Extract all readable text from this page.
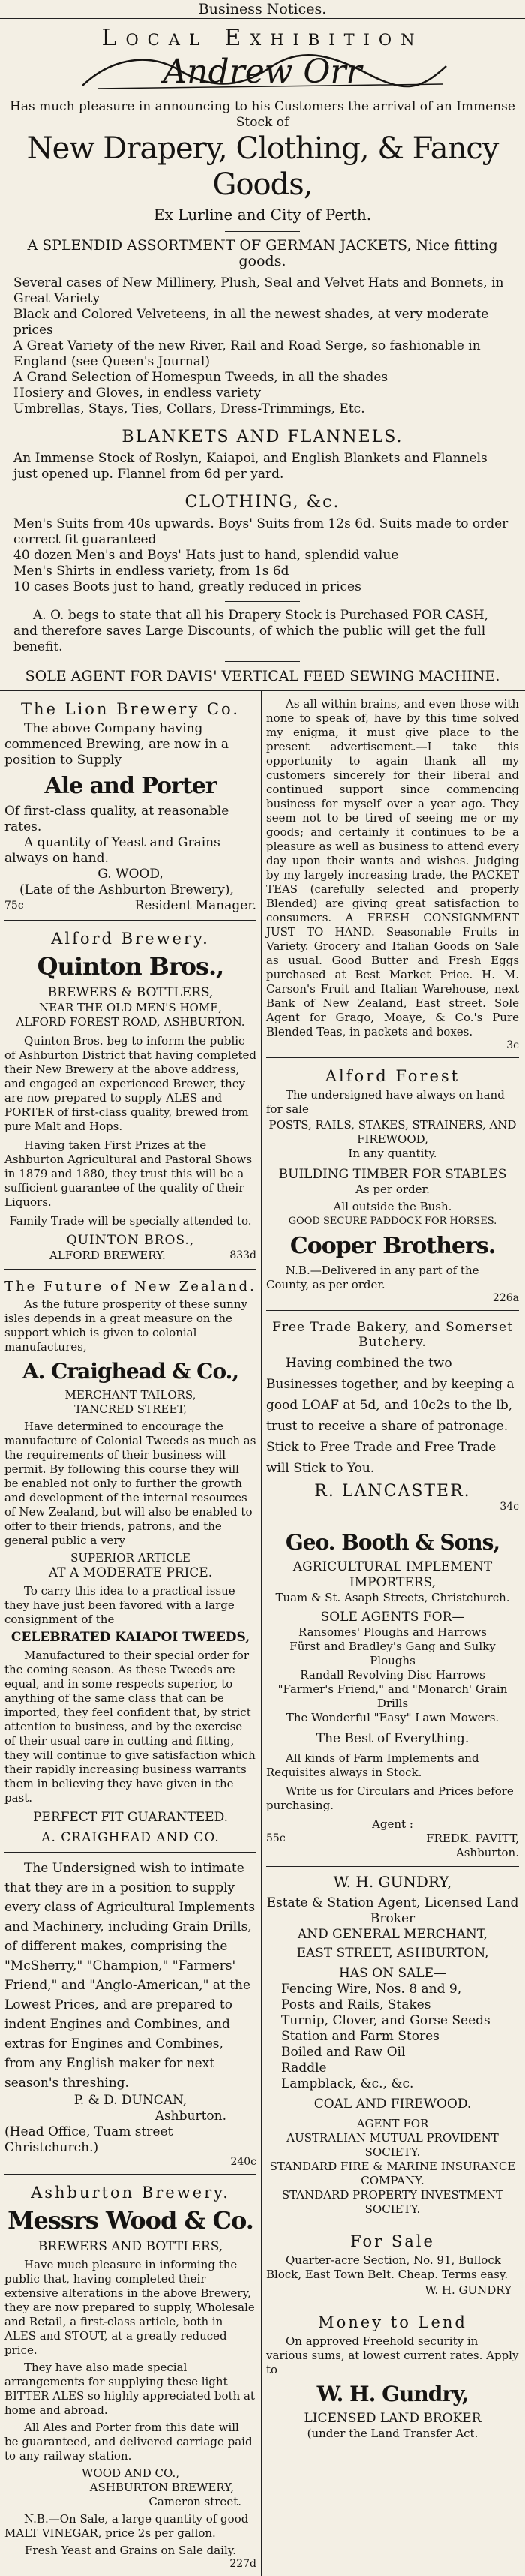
Business Notices.
Local Exhibition
Andrew Orr

Has much pleasure in announcing to his Customers the arrival of an Immense Stock of

New Drapery, Clothing, & Fancy Goods,
Ex Lurline and City of Perth.

A SPLENDID ASSORTMENT OF GERMAN JACKETS, Nice fitting goods.

Several cases of New Millinery, Plush, Seal and Velvet Hats and Bonnets, in Great Variety
Black and Colored Velveteens, in all the newest shades, at very moderate prices
A Great Variety of the new River, Rail and Road Serge, so fashionable in England (see Queen's Journal)
A Grand Selection of Homespun Tweeds, in all the shades
Hosiery and Gloves, in endless variety
Umbrellas, Stays, Ties, Collars, Dress-Trimmings, Etc.
BLANKETS AND FLANNELS.
An Immense Stock of Roslyn, Kaiapoi, and English Blankets and Flannels just opened up. Flannel from 6d per yard.
CLOTHING, &c.
Men's Suits from 40s upwards. Boys' Suits from 12s 6d. Suits made to order correct fit guaranteed
40 dozen Men's and Boys' Hats just to hand, splendid value
Men's Shirts in endless variety, from 1s 6d
10 cases Boots just to hand, greatly reduced in prices
A. O. begs to state that all his Drapery Stock is Purchased FOR CASH, and therefore saves Large Discounts, of which the public will get the full benefit.
SOLE AGENT FOR DAVIS' VERTICAL FEED SEWING MACHINE.
The Lion Brewery Co.

The above Company having commenced Brewing, are now in a position to Supply

Ale and Porter

Of first-class quality, at reasonable rates.

A quantity of Yeast and Grains always on hand.

G. WOOD,
(Late of the Ashburton Brewery),
75c	Resident Manager.
Alford Brewery.
Quinton Bros.,
BREWERS & BOTTLERS,
NEAR THE OLD MEN'S HOME,
ALFORD FOREST ROAD, ASHBURTON.

Quinton Bros. beg to inform the public of Ashburton District that having completed their New Brewery at the above address, and engaged an experienced Brewer, they are now prepared to supply ALES and PORTER of first-class quality, brewed from pure Malt and Hops.

Having taken First Prizes at the Ashburton Agricultural and Pastoral Shows in 1879 and 1880, they trust this will be a sufficient guarantee of the quality of their Liquors.

Family Trade will be specially attended to.
QUINTON BROS.,
ALFORD BREWERY.	833d
The Future of New Zealand.

As the future prosperity of these sunny isles depends in a great measure on the support which is given to colonial manufactures,

A. Craighead & Co.,
MERCHANT TAILORS,
TANCRED STREET,

Have determined to encourage the manufacture of Colonial Tweeds as much as the requirements of their business will permit. By following this course they will be enabled not only to further the growth and development of the internal resources of New Zealand, but will also be enabled to offer to their friends, patrons, and the general public a very

SUPERIOR ARTICLE
AT A MODERATE PRICE.

To carry this idea to a practical issue they have just been favored with a large consignment of the

CELEBRATED KAIAPOI TWEEDS,

Manufactured to their special order for the coming season. As these Tweeds are equal, and in some respects superior, to anything of the same class that can be imported, they feel confident that, by strict attention to business, and by the exercise of their usual care in cutting and fitting, they will continue to give satisfaction which their rapidly increasing business warrants them in believing they have given in the past.

PERFECT FIT GUARANTEED.
A. CRAIGHEAD AND CO.

The Undersigned wish to intimate that they are in a position to supply every class of Agricultural Implements and Machinery, including Grain Drills, of different makes, comprising the "McSherry," "Champion," "Farmers' Friend," and "Anglo-American," at the Lowest Prices, and are prepared to indent Engines and Combines, and extras for Engines and Combines, from any English maker for next season's threshing.

P. & D. DUNCAN,
Ashburton.
(Head Office, Tuam street Christchurch.)
240c
Ashburton Brewery.
Messrs Wood & Co.
BREWERS AND BOTTLERS,

Have much pleasure in informing the public that, having completed their extensive alterations in the above Brewery, they are now prepared to supply, Wholesale and Retail, a first-class article, both in ALES and STOUT, at a greatly reduced price.

They have also made special arrangements for supplying these light BITTER ALES so highly appreciated both at home and abroad.

All Ales and Porter from this date will be guaranteed, and delivered carriage paid to any railway station.

WOOD AND CO.,
ASHBURTON BREWERY,
Cameron street.

N.B.—On Sale, a large quantity of good MALT VINEGAR, price 2s per gallon.

Fresh Yeast and Grains on Sale daily.
227d

As all within brains, and even those with none to speak of, have by this time solved my enigma, it must give place to the present advertisement.—I take this opportunity to again thank all my customers sincerely for their liberal and continued support since commencing business for myself over a year ago. They seem not to be tired of seeing me or my goods; and certainly it continues to be a pleasure as well as business to attend every day upon their wants and wishes. Judging by my largely increasing trade, the PACKET TEAS (carefully selected and properly Blended) are giving great satisfaction to consumers. A FRESH CONSIGNMENT JUST TO HAND. Seasonable Fruits in Variety. Grocery and Italian Goods on Sale as usual. Good Butter and Fresh Eggs purchased at Best Market Price. H. M. Carson's Fruit and Italian Warehouse, next Bank of New Zealand, East street. Sole Agent for Grago, Moaye, & Co.'s Pure Blended Teas, in packets and boxes.

3c
Alford Forest

The undersigned have always on hand for sale

POSTS, RAILS, STAKES, STRAINERS, AND FIREWOOD,
In any quantity.
BUILDING TIMBER FOR STABLES
As per order.
All outside the Bush.
GOOD SECURE PADDOCK FOR HORSES.
Cooper Brothers.

N.B.—Delivered in any part of the County, as per order.

226a
Free Trade Bakery, and Somerset Butchery.

Having combined the two Businesses together, and by keeping a good LOAF at 5d, and 10c2s to the lb, trust to receive a share of patronage. Stick to Free Trade and Free Trade will Stick to You.

R. LANCASTER.
34c
Geo. Booth & Sons,
AGRICULTURAL IMPLEMENT IMPORTERS,
Tuam & St. Asaph Streets, Christchurch.
SOLE AGENTS FOR—
Ransomes' Ploughs and Harrows
Fürst and Bradley's Gang and Sulky Ploughs
Randall Revolving Disc Harrows
"Farmer's Friend," and "Monarch' Grain Drills
The Wonderful "Easy" Lawn Mowers.
The Best of Everything.

All kinds of Farm Implements and Requisites always in Stock.

Write us for Circulars and Prices before purchasing.

Agent :
55c	FREDK. PAVITT,
Ashburton.
W. H. GUNDRY,
Estate & Station Agent, Licensed Land Broker
AND GENERAL MERCHANT,
EAST STREET, ASHBURTON,
HAS ON SALE—
Fencing Wire, Nos. 8 and 9,
Posts and Rails, Stakes
Turnip, Clover, and Gorse Seeds
Station and Farm Stores
Boiled and Raw Oil
Raddle
Lampblack, &c., &c.
COAL AND FIREWOOD.
AGENT FOR
AUSTRALIAN MUTUAL PROVIDENT SOCIETY.
STANDARD FIRE & MARINE INSURANCE COMPANY.
STANDARD PROPERTY INVESTMENT SOCIETY.
For Sale

Quarter-acre Section, No. 91, Bullock Block, East Town Belt. Cheap. Terms easy.

W. H. GUNDRY
Money to Lend

On approved Freehold security in various sums, at lowest current rates. Apply to

W. H. Gundry,
LICENSED LAND BROKER
(under the Land Transfer Act.
